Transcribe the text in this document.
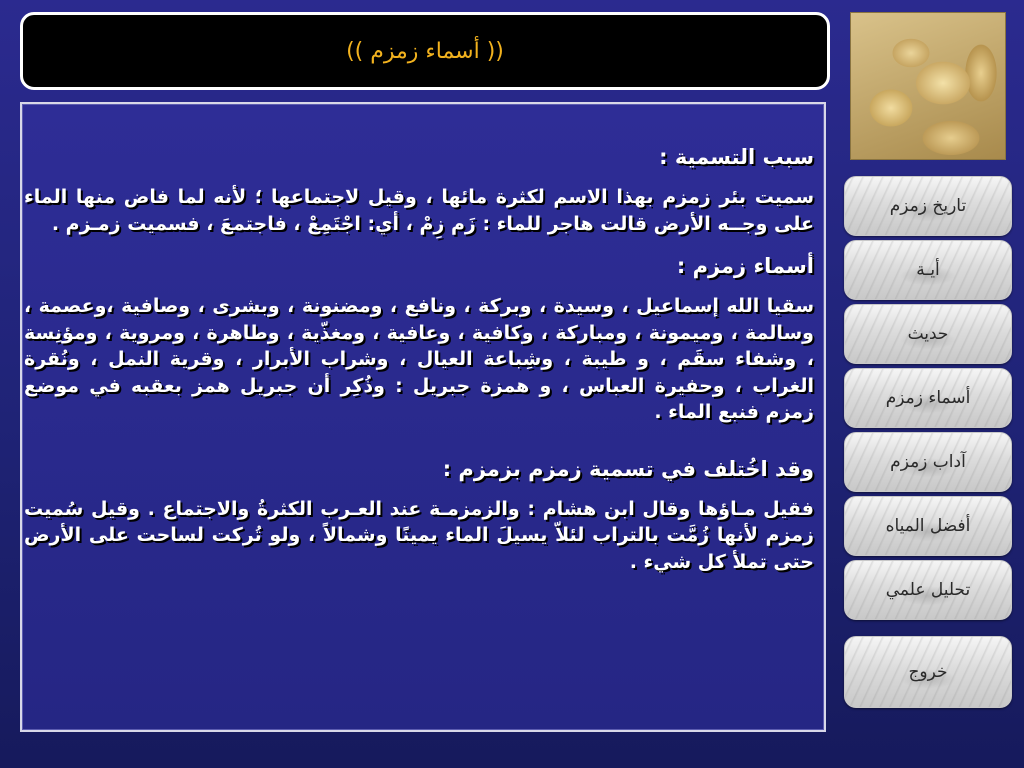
(( أسماء زمزم ))

سبب التسمية :

سميت بئر زمزم بهذا الاسم لكثرة مائها ، وقيل لاجتماعها ؛ لأنه لما فاض منها الماء على وجــه الأرض قالت هاجر للماء : زَم زِمْ ، أي: اجْتَمِعْ ، فاجتمعَ ، فسميت زمـزم .

أسماء زمزم :

سقيا الله إسماعيل ، وسيدة ، وبركة ، ونافع ، ومضنونة ، وبشرى ، وصافية ،وعصمة ، وسالمة ، وميمونة ، ومباركة ، وكافية ، وعافية ، ومغذّية ، وطاهرة ، ومروية ، ومؤنِسة ، وشفاء سقَم ، و طيبة ، وشِباعة العيال ، وشراب الأبرار ، وقرية النمل ، ونُقرة الغراب ، وحفيرة العباس ، و همزة جبريل : وذُكِر أن جبريل همز بعقبه في موضع زمزم فنبع الماء .

وقد اخُتلف في تسمية زمزم بزمزم :

فقيل مـاؤها وقال ابن هشام : والزمزمـة عند العـرب الكثرةُ والاجتماع . وقيل سُميت زمزم لأنها زُمَّت بالتراب لئلاّ يسيلَ الماء يمينًا وشمالاً ، ولو تُركت لساحت على الأرض حتى تملأ كل شيء .

تاريخ زمزم
أيـة
حديث
أسماء زمزم
آداب زمزم
أفضل المياه
تحليل علمي
خروج
